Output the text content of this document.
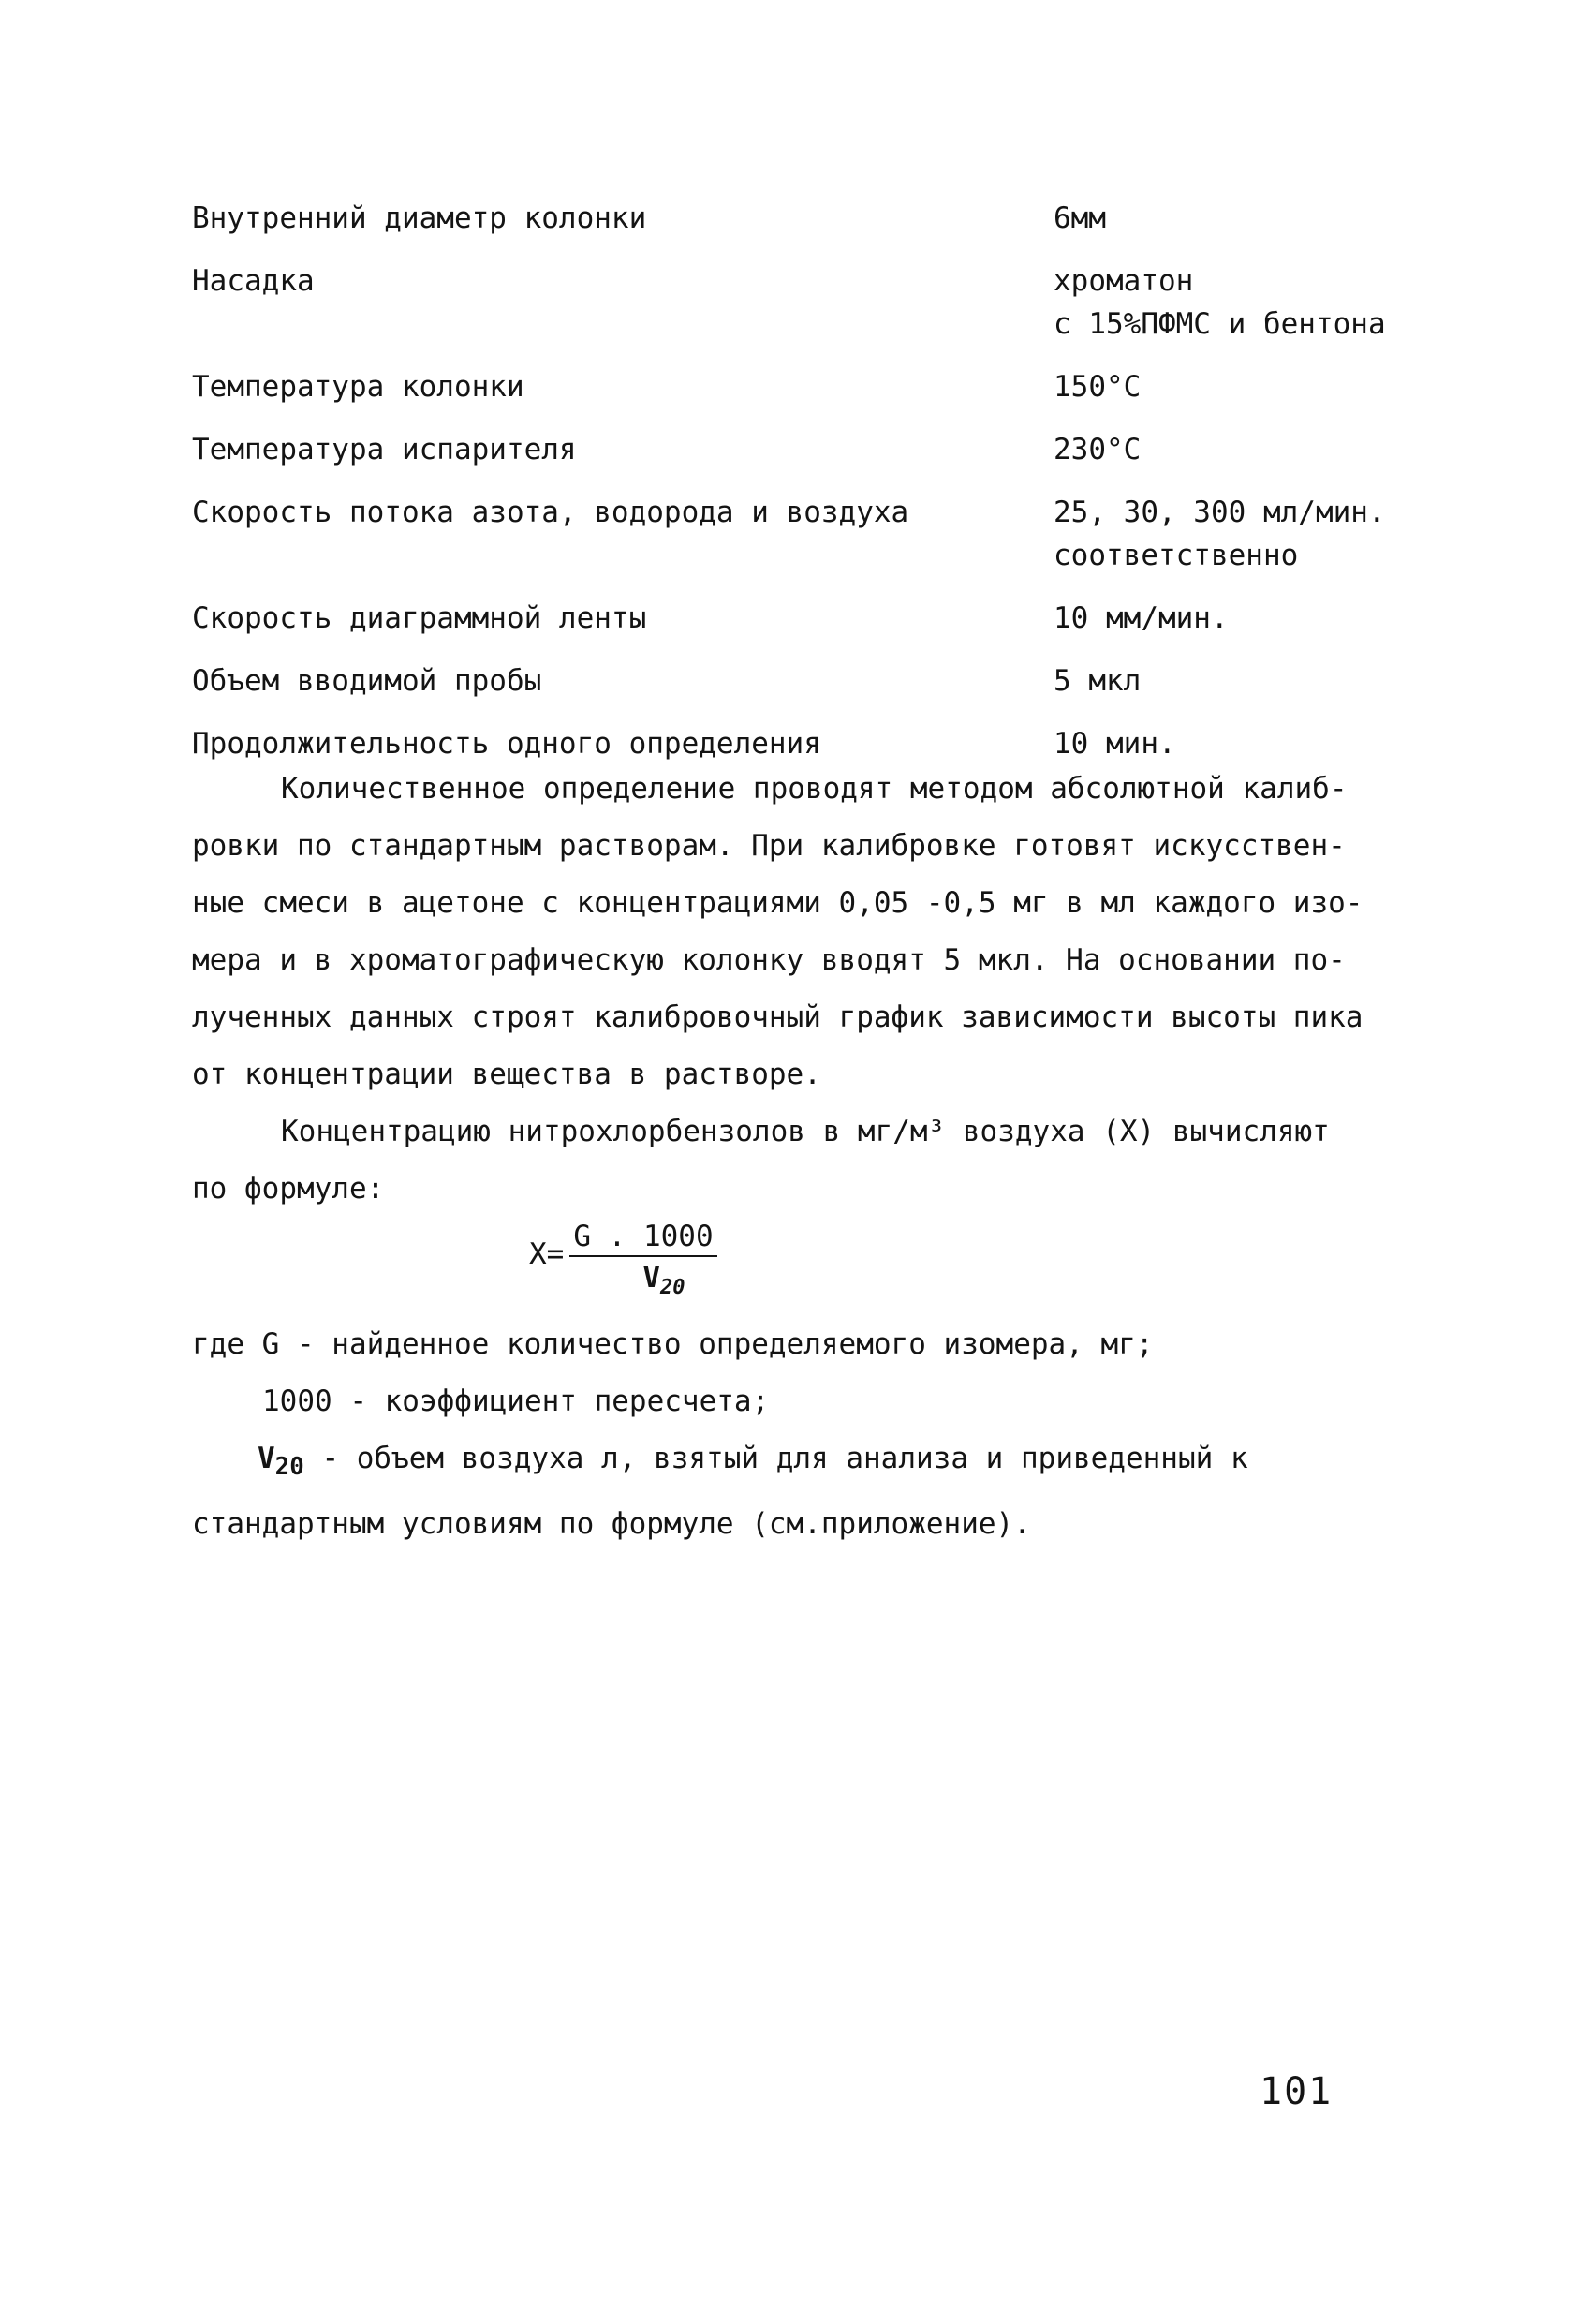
Внутренний диаметр колонки	6мм
Насадка	хроматон
с 15%ПФМС и бентона
Температура колонки	150°С
Температура испарителя	230°С
Скорость потока азота, водорода и воздуха	25, 30, 300 мл/мин.
соответственно
Скорость диаграммной ленты	10 мм/мин.
Объем вводимой пробы	5 мкл
Продолжительность одного определения	10 мин.
Количественное определение проводят методом абсолютной калиб-
ровки по стандартным растворам. При калибровке готовят искусствен-
ные смеси в ацетоне с концентрациями 0,05 -0,5 мг в мл каждого изо-
мера и в хроматографическую колонку вводят 5 мкл. На основании по-
лученных данных строят калибровочный график зависимости высоты пика
от концентрации вещества в растворе.
Концентрацию нитрохлорбензолов в мг/м³ воздуха (Х) вычисляют
по формуле:
$Х= \frac{G . 1000}{V_{20}}$
где G - найденное количество определяемого изомера, мг;
1000 - коэффициент пересчета;
$V_{20}$ - объем воздуха л, взятый для анализа и приведенный к
стандартным условиям по формуле (см.приложение).
101
